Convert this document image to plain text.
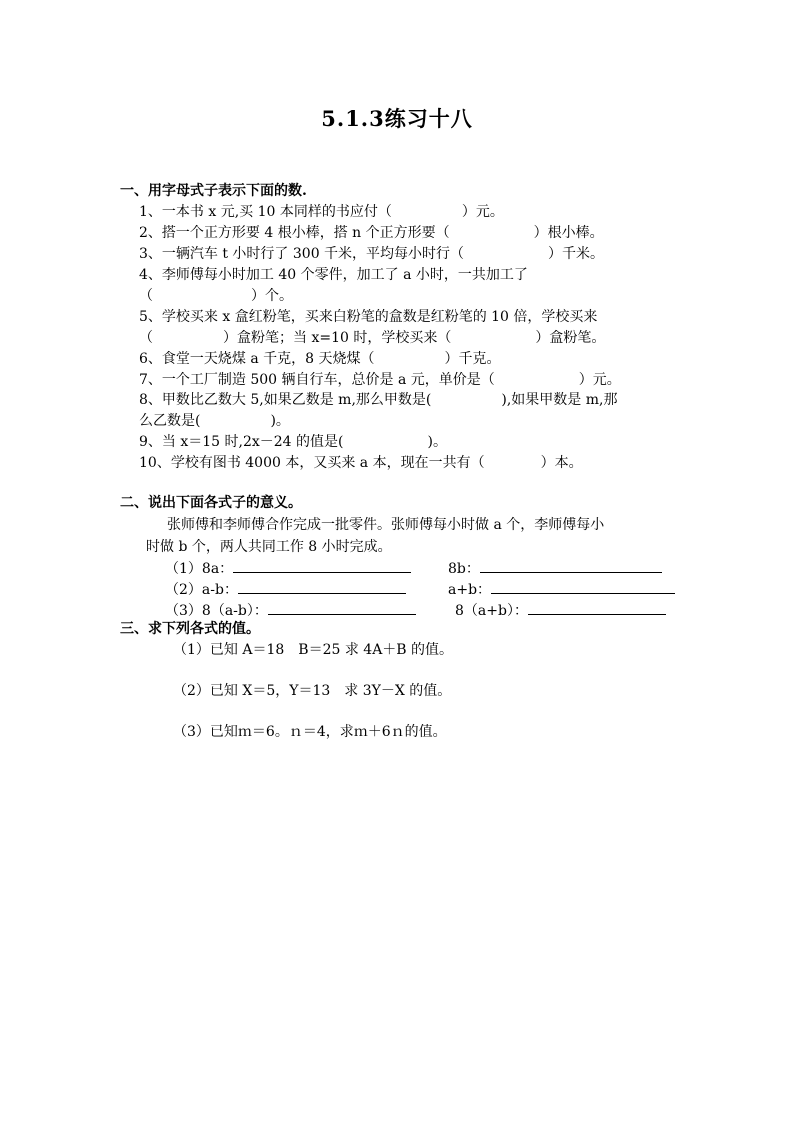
5.1.3练习十八
一、用字母式子表示下面的数.
1、一本书 x 元,买 10 本同样的书应付（　　　　　）元。
2、搭一个正方形要 4 根小棒，搭 n 个正方形要（　　　　　　）根小棒。
3、一辆汽车 t 小时行了 300 千米，平均每小时行（　　　　　　）千米。
4、李师傅每小时加工 40 个零件，加工了 a 小时，一共加工了
（　　　　　　　）个。
5、学校买来 x 盒红粉笔，买来白粉笔的盒数是红粉笔的 10 倍，学校买来
（　　　　　）盒粉笔；当 x=10 时，学校买来（　　　　　　）盒粉笔。
6、食堂一天烧煤 a 千克，8 天烧煤（　　　　　）千克。
7、一个工厂制造 500 辆自行车，总价是 a 元，单价是（　　　　　　）元。
8、甲数比乙数大 5,如果乙数是 m,那么甲数是(　　　　　),如果甲数是 m,那
么乙数是(　　　　　)。
9、当 x＝15 时,2x－24 的值是(　　　　　　)。
10、学校有图书 4000 本，又买来 a 本，现在一共有（　　　　）本。
二、说出下面各式子的意义。
张师傅和李师傅合作完成一批零件。张师傅每小时做 a 个，李师傅每小
时做 b 个，两人共同工作 8 小时完成。
（1）8a：	8b：
（2）a-b：	a+b：
（3）8（a-b）：	8（a+b）：
三、求下列各式的值。
（1）已知 A＝18　B＝25 求 4A＋B 的值。
（2）已知 X＝5，Y＝13　求 3Y－X 的值。
（3）已知ｍ＝6。ｎ＝4，求ｍ＋6ｎ的值。
